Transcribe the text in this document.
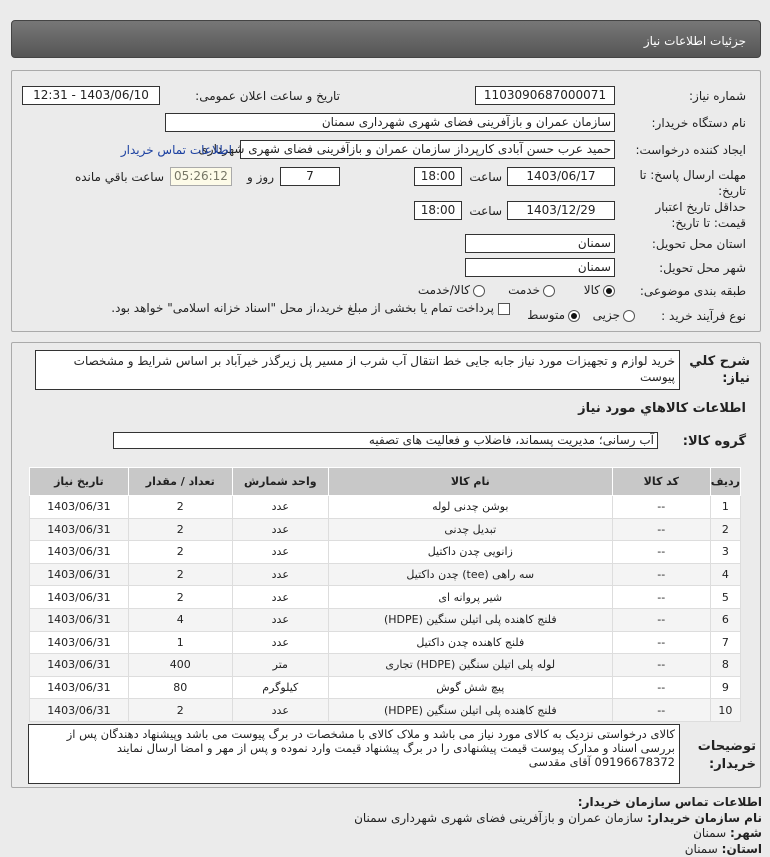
جزئیات اطلاعات نیاز
شماره نیاز:
1103090687000071
تاریخ و ساعت اعلان عمومی:
1403/06/10 - 12:31
نام دستگاه خریدار:
سازمان عمران و بازآفرینی فضای شهری شهرداری سمنان
ایجاد کننده درخواست:
حمید عرب حسن آبادی کارپرداز سازمان عمران و بازآفرینی فضای شهری شهرداری
اطلاعات تماس خریدار
مهلت ارسال پاسخ: تا تاریخ:
1403/06/17
ساعت
18:00
7
روز و
05:26:12
ساعت باقي مانده
حداقل تاریخ اعتبار قیمت: تا تاریخ:
1403/12/29
ساعت
18:00
استان محل تحویل:
سمنان
شهر محل تحویل:
سمنان
طبقه بندی موضوعی:
کالا
خدمت
کالا/خدمت
نوع فرآیند خرید :
جزیی
متوسط
پرداخت تمام یا بخشی از مبلغ خرید،از محل "اسناد خزانه اسلامی" خواهد بود.
شرح کلي نياز:
خرید لوازم و تجهیزات مورد نیاز جابه جایی خط انتقال آب شرب از مسیر پل زیرگذر خیرآباد بر اساس شرایط و مشخصات پیوست
اطلاعات کالاهاي مورد نياز
گروه کالا:
آب رسانی؛ مدیریت پسماند، فاضلاب و فعالیت های تصفیه
ردیف	کد کالا	نام کالا	واحد شمارش	تعداد / مقدار	تاریخ نیاز
1	--	بوشن چدنی لوله	عدد	2	1403/06/31
2	--	تبدیل چدنی	عدد	2	1403/06/31
3	--	زانویی چدن داکتیل	عدد	2	1403/06/31
4	--	سه راهی (tee) چدن داکتیل	عدد	2	1403/06/31
5	--	شیر پروانه ای	عدد	2	1403/06/31
6	--	فلنج کاهنده پلی اتیلن سنگین (HDPE)	عدد	4	1403/06/31
7	--	فلنج کاهنده چدن داکتیل	عدد	1	1403/06/31
8	--	لوله پلی اتیلن سنگین (HDPE) تجاری	متر	400	1403/06/31
9	--	پیچ شش گوش	کیلوگرم	80	1403/06/31
10	--	فلنج کاهنده پلی اتیلن سنگین (HDPE)	عدد	2	1403/06/31
توضیحات خریدار:
کالای درخواستی نزدیک به کالای مورد نیاز می باشد و ملاک کالای با مشخصات در برگ پیوست می باشد وپیشنهاد دهندگان پس از بررسی اسناد و مدارک پیوست قیمت پیشنهادی را در برگ پیشنهاد قیمت وارد نموده و پس از مهر و امضا ارسال نمایند 09196678372 آقای مقدسی
اطلاعات تماس سازمان خریدار:
نام سازمان خریدار: سازمان عمران و بازآفرینی فضای شهری شهرداری سمنان
شهر: سمنان
استان: سمنان
